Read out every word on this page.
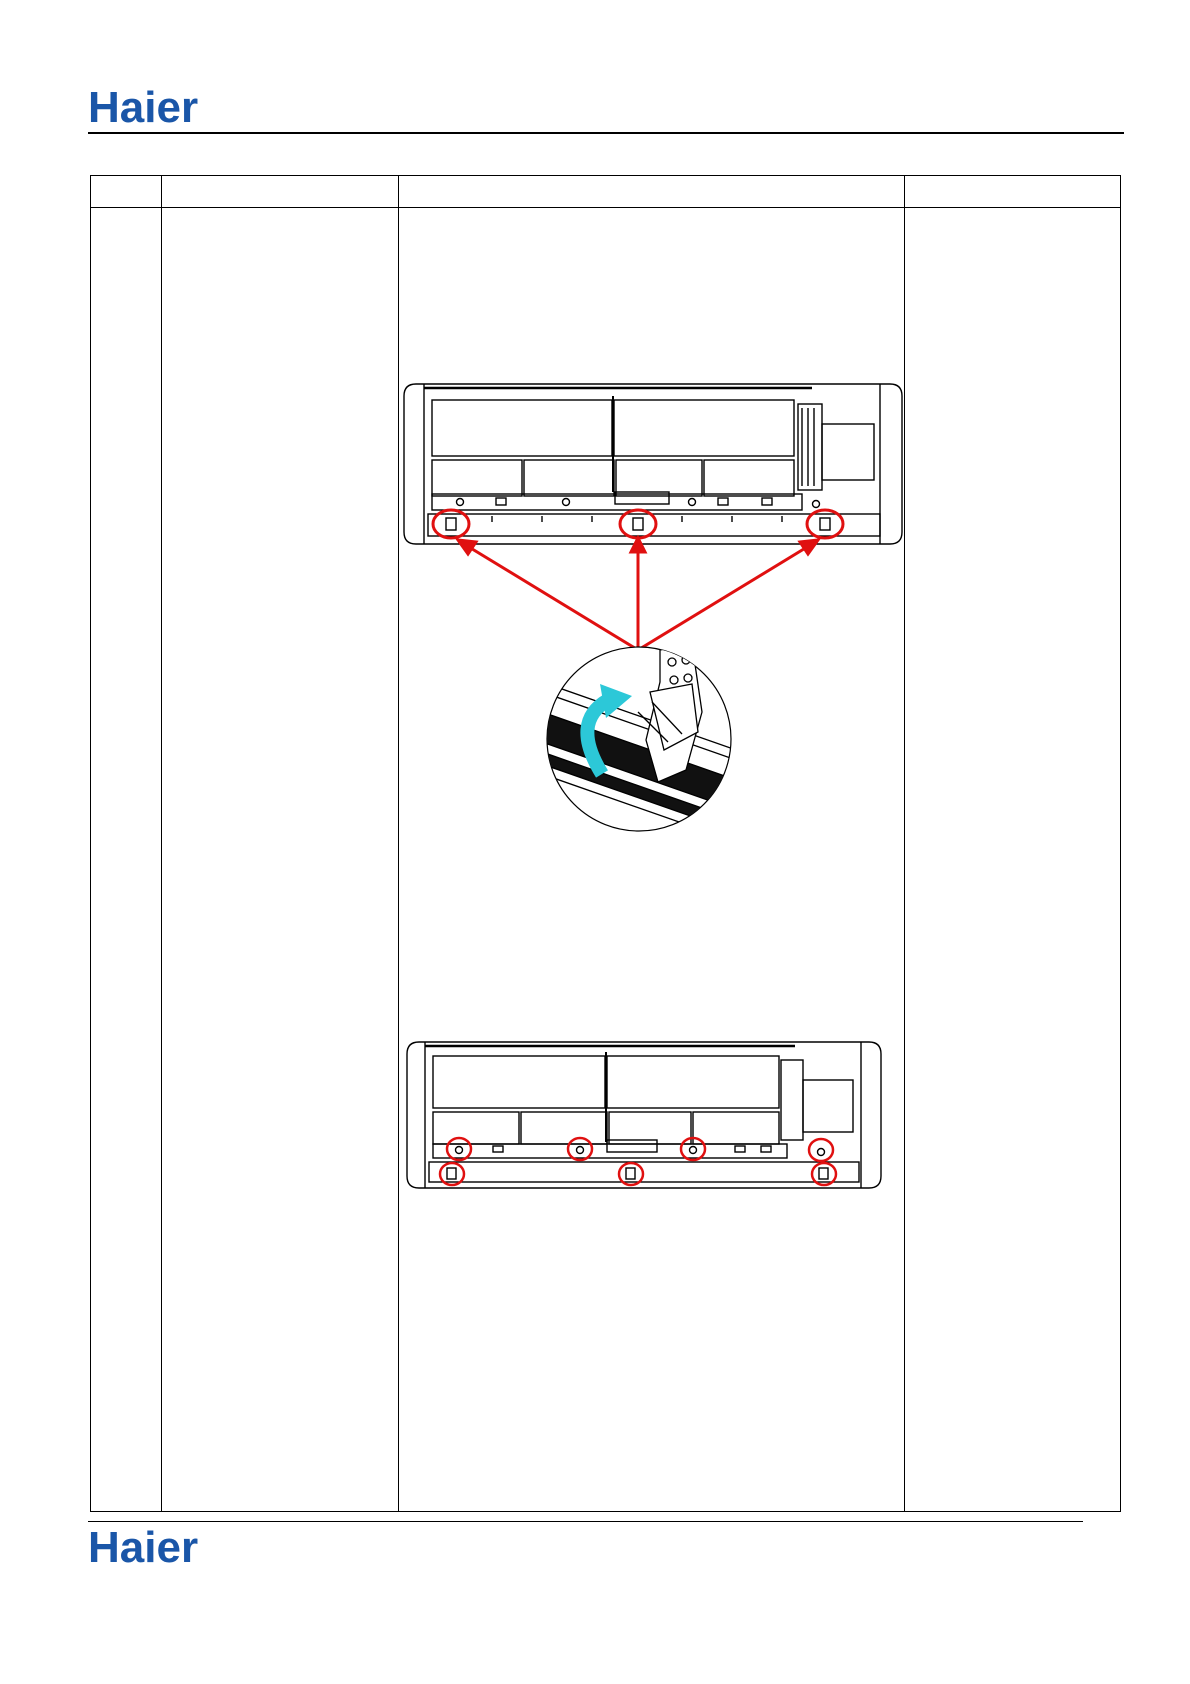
Haier
Haier
